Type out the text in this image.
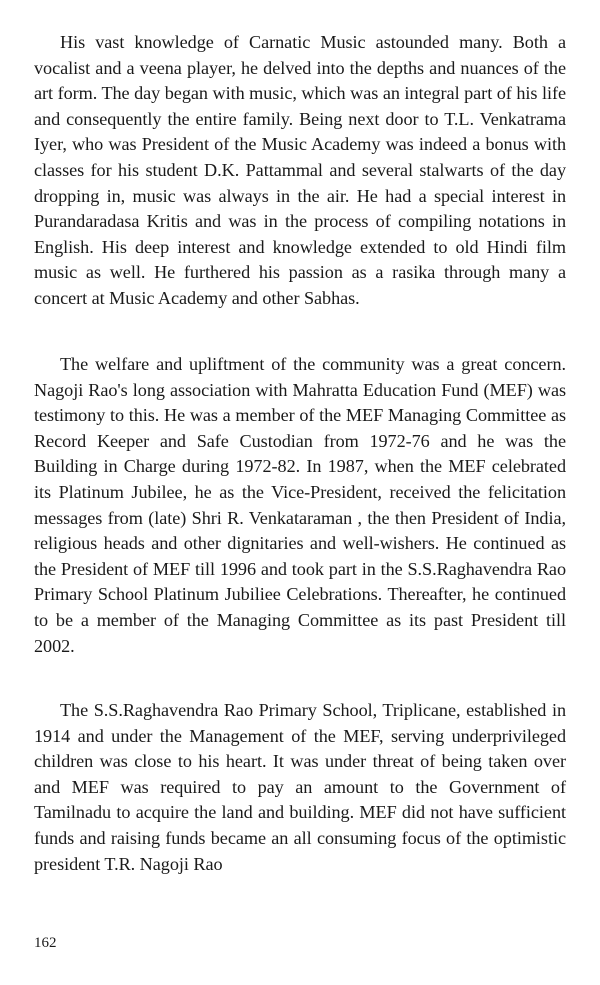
His vast knowledge of Carnatic Music astounded many. Both a vocalist and a veena player, he delved into the depths and nuances of the art form. The day began with music, which was an integral part of his life and consequently the entire family. Being next door to T.L. Venkatrama Iyer, who was President of the Music Academy was indeed a bonus with classes for his student D.K. Pattammal and several stalwarts of the day dropping in, music was always in the air. He had a special interest in Purandaradasa Kritis and was in the process of compiling notations in English. His deep interest and knowledge extended to old Hindi film music as well. He furthered his passion as a rasika through many a concert at Music Academy and other Sabhas.

The welfare and upliftment of the community was a great concern. Nagoji Rao's long association with Mahratta Education Fund (MEF) was testimony to this. He was a member of the MEF Managing Committee as Record Keeper and Safe Custodian from 1972-76 and he was the Building in Charge during 1972-82. In 1987, when the MEF celebrated its Platinum Jubilee, he as the Vice-President, received the felicitation messages from (late) Shri R. Venkataraman , the then President of India, religious heads and other dignitaries and well-wishers. He continued as the President of MEF till 1996 and took part in the S.S.Raghavendra Rao Primary School Platinum Jubiliee Celebrations. Thereafter, he continued to be a member of the Managing Committee as its past President till 2002.

The S.S.Raghavendra Rao Primary School, Triplicane, established in 1914 and under the Management of the MEF, serving underprivileged children was close to his heart. It was under threat of being taken over and MEF was required to pay an amount to the Government of Tamilnadu to acquire the land and building. MEF did not have sufficient funds and raising funds became an all consuming focus of the optimistic president T.R. Nagoji Rao

162
